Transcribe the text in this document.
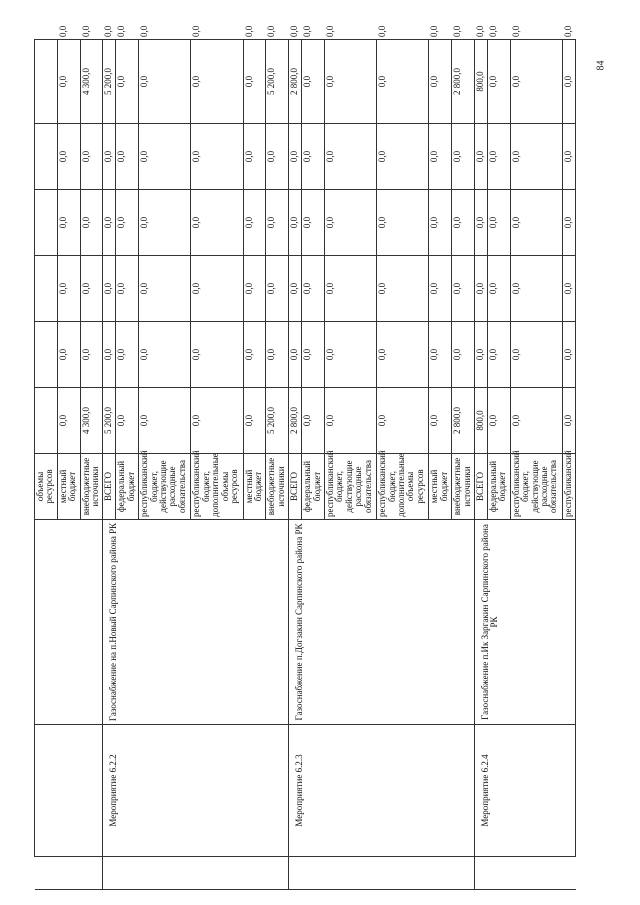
			объемы ресурсов							
			местный бюджет	0,0	0,0	0,0	0,0	0,0	0,0	0,0
			внебюджетные источники	4 300,0	0,0	0,0	0,0	0,0	4 300,0	0,0
	Мероприятие 6.2.2	Газоснабжение на п.Новый Сарпинского района РК	ВСЕГО	5 200,0	0,0	0,0	0,0	0,0	5 200,0	0,0
			федеральный бюджет	0,0	0,0	0,0	0,0	0,0	0,0	0,0
			республиканский бюджет, действующие расходные обязательства	0,0	0,0	0,0	0,0	0,0	0,0	0,0
			республиканский бюджет, дополнительные объемы ресурсов	0,0	0,0	0,0	0,0	0,0	0,0	0,0
			местный бюджет	0,0	0,0	0,0	0,0	0,0	0,0	0,0
			внебюджетные источники	5 200,0	0,0	0,0	0,0	0,0	5 200,0	0,0
	Мероприятие 6.2.3	Газоснабжение п.Догзакин Сарпинского района РК	ВСЕГО	2 800,0	0,0	0,0	0,0	0,0	2 800,0	0,0
			федеральный бюджет	0,0	0,0	0,0	0,0	0,0	0,0	0,0
			республиканский бюджет, действующие расходные обязательства	0,0	0,0	0,0	0,0	0,0	0,0	0,0
			республиканский бюджет, дополнительные объемы ресурсов	0,0	0,0	0,0	0,0	0,0	0,0	0,0
			местный бюджет	0,0	0,0	0,0	0,0	0,0	0,0	0,0
			внебюджетные источники	2 800,0	0,0	0,0	0,0	0,0	2 800,0	0,0
	Мероприятие 6.2.4	Газоснабжение п.Ик Заргакин Сарпинского района РК	ВСЕГО	800,0	0,0	0,0	0,0	0,0	800,0	0,0
			федеральный бюджет	0,0	0,0	0,0	0,0	0,0	0,0	0,0
			республиканский бюджет, действующие расходные обязательства	0,0	0,0	0,0	0,0	0,0	0,0	0,0
			республиканский	0,0	0,0	0,0	0,0	0,0	0,0	0,0
84
